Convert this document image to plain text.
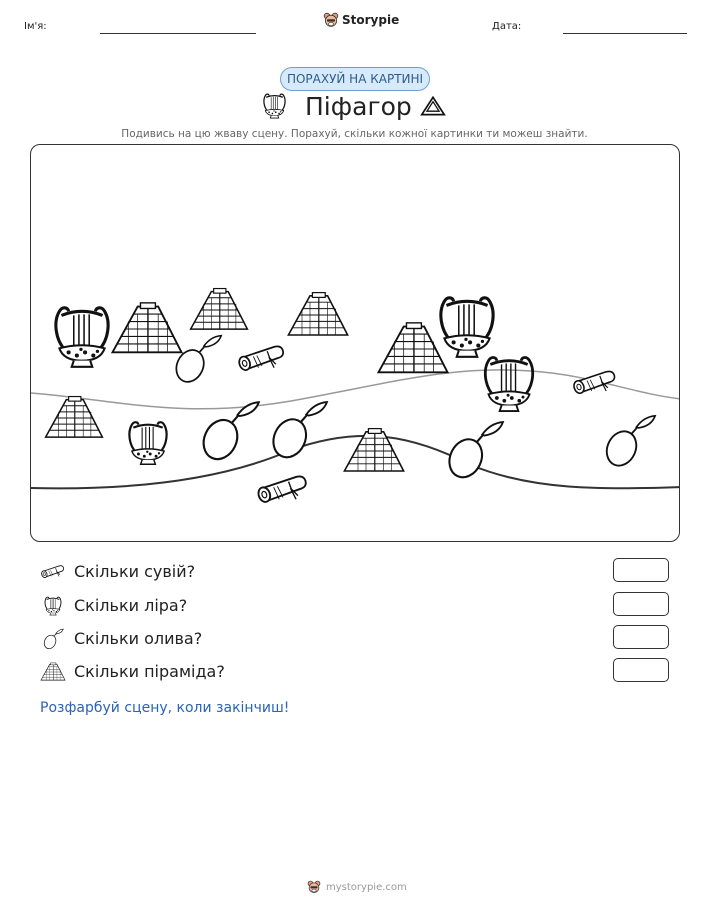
Ім'я:	Storypie	Дата:
ПОРАХУЙ НА КАРТИНІ
Піфагор
Подивись на цю жваву сцену. Порахуй, скільки кожної картинки ти можеш знайти.
Скільки сувій?
Скільки ліра?
Скільки олива?
Скільки піраміда?
Розфарбуй сцену, коли закінчиш!
mystorypie.com
